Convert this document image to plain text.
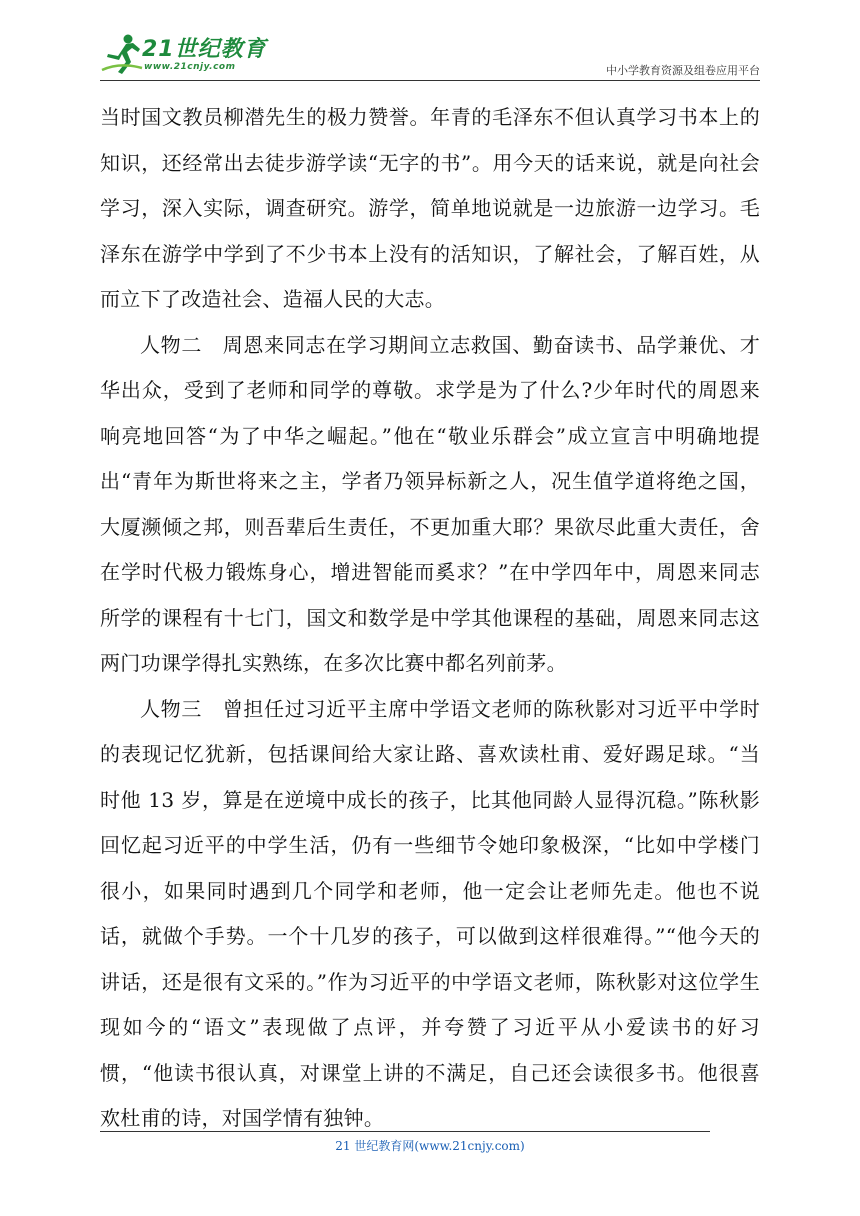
21世纪教育
www.21cnjy.com	中小学教育资源及组卷应用平台

当时国文教员柳潜先生的极力赞誉。年青的毛泽东不但认真学习书本上的知识，还经常出去徒步游学读“无字的书”。用今天的话来说，就是向社会学习，深入实际，调查研究。游学，简单地说就是一边旅游一边学习。毛泽东在游学中学到了不少书本上没有的活知识，了解社会，了解百姓，从而立下了改造社会、造福人民的大志。

人物二　周恩来同志在学习期间立志救国、勤奋读书、品学兼优、才华出众，受到了老师和同学的尊敬。求学是为了什么?少年时代的周恩来响亮地回答“为了中华之崛起。”他在“敬业乐群会”成立宣言中明确地提出“青年为斯世将来之主，学者乃领异标新之人，况生值学道将绝之国，大厦濒倾之邦，则吾辈后生责任，不更加重大耶？果欲尽此重大责任，舍在学时代极力锻炼身心，增进智能而奚求？”在中学四年中，周恩来同志所学的课程有十七门，国文和数学是中学其他课程的基础，周恩来同志这两门功课学得扎实熟练，在多次比赛中都名列前茅。

人物三　曾担任过习近平主席中学语文老师的陈秋影对习近平中学时的表现记忆犹新，包括课间给大家让路、喜欢读杜甫、爱好踢足球。“当时他 13 岁，算是在逆境中成长的孩子，比其他同龄人显得沉稳。”陈秋影回忆起习近平的中学生活，仍有一些细节令她印象极深，“比如中学楼门很小，如果同时遇到几个同学和老师，他一定会让老师先走。他也不说话，就做个手势。一个十几岁的孩子，可以做到这样很难得。”“他今天的讲话，还是很有文采的。”作为习近平的中学语文老师，陈秋影对这位学生现如今的“语文”表现做了点评，并夸赞了习近平从小爱读书的好习惯，“他读书很认真，对课堂上讲的不满足，自己还会读很多书。他很喜欢杜甫的诗，对国学情有独钟。

21 世纪教育网(www.21cnjy.com)
